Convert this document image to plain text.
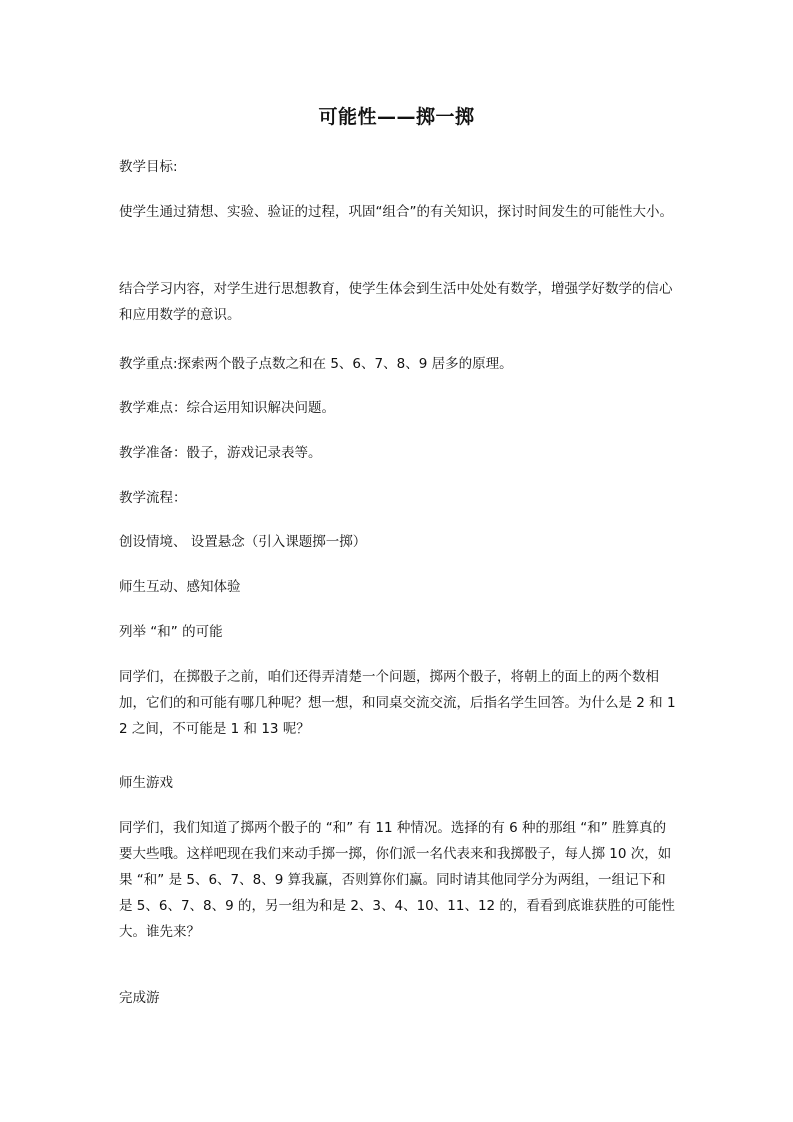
可能性——掷一掷

教学目标:

使学生通过猜想、实验、验证的过程，巩固“组合”的有关知识，探讨时间发生的可能性大小。

结合学习内容，对学生进行思想教育，使学生体会到生活中处处有数学，增强学好数学的信心和应用数学的意识。

教学重点:探索两个骰子点数之和在 5、6、7、8、9 居多的原理。

教学难点：综合运用知识解决问题。

教学准备：骰子，游戏记录表等。

教学流程：

创设情境、 设置悬念（引入课题掷一掷）

师生互动、感知体验

列举 “和” 的可能

同学们，在掷骰子之前，咱们还得弄清楚一个问题，掷两个骰子，将朝上的面上的两个数相加，它们的和可能有哪几种呢？想一想，和同桌交流交流，后指名学生回答。为什么是 2 和 12 之间，不可能是 1 和 13 呢？

师生游戏

同学们，我们知道了掷两个骰子的 “和” 有 11 种情况。选择的有 6 种的那组 “和” 胜算真的要大些哦。这样吧现在我们来动手掷一掷，你们派一名代表来和我掷骰子，每人掷 10 次，如果 “和” 是 5、6、7、8、9 算我赢，否则算你们赢。同时请其他同学分为两组，一组记下和是 5、6、7、8、9 的，另一组为和是 2、3、4、10、11、12 的，看看到底谁获胜的可能性大。谁先来？

完成游
